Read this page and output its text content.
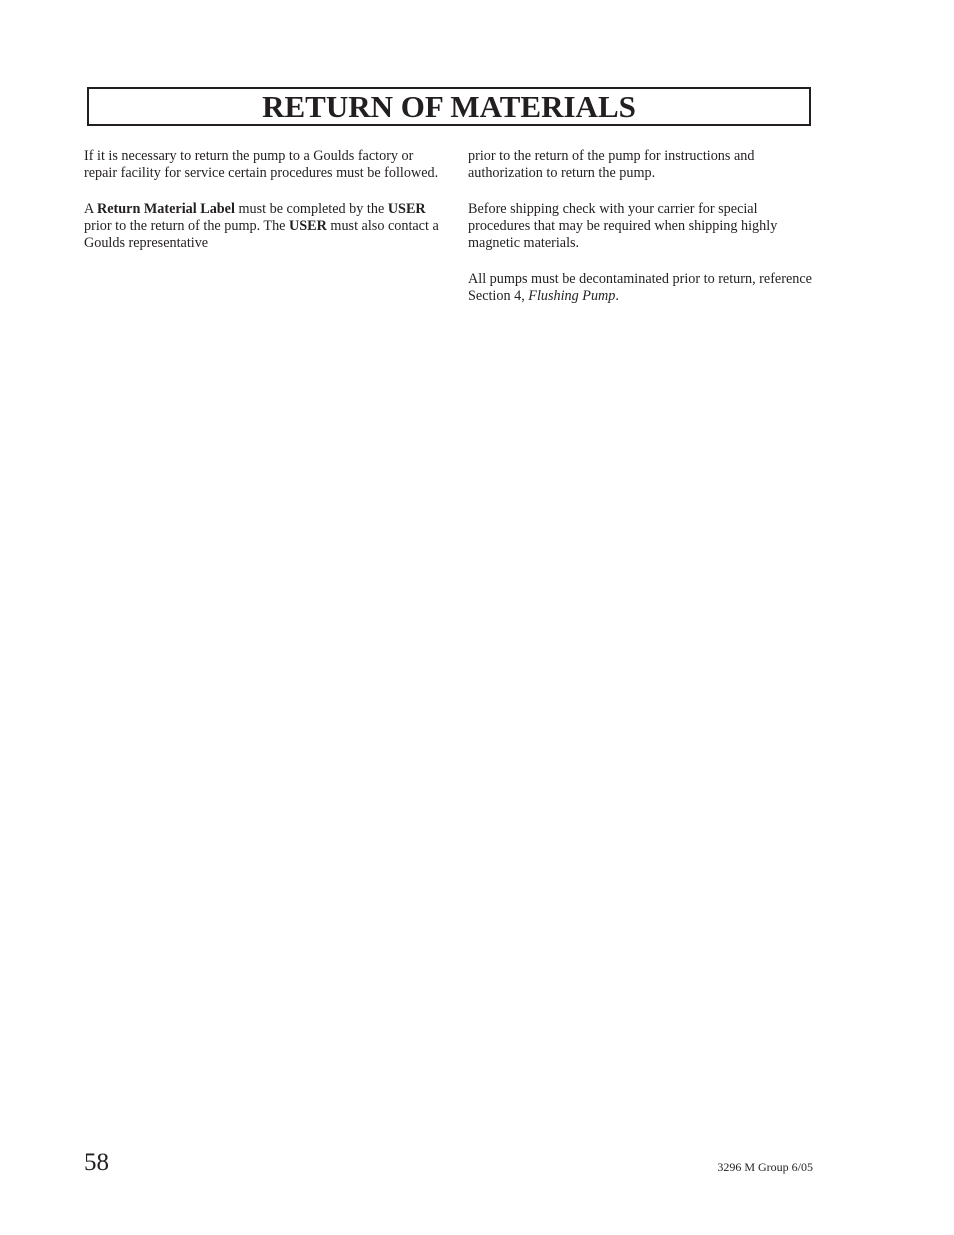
RETURN OF MATERIALS

If it is necessary to return the pump to a Goulds factory or repair facility for service certain procedures must be followed.

A Return Material Label must be completed by the USER prior to the return of the pump. The USER must also contact a Goulds representative

prior to the return of the pump for instructions and authorization to return the pump.

Before shipping check with your carrier for special procedures that may be required when shipping highly magnetic materials.

All pumps must be decontaminated prior to return, reference Section 4, Flushing Pump.

58	3296 M Group 6/05
